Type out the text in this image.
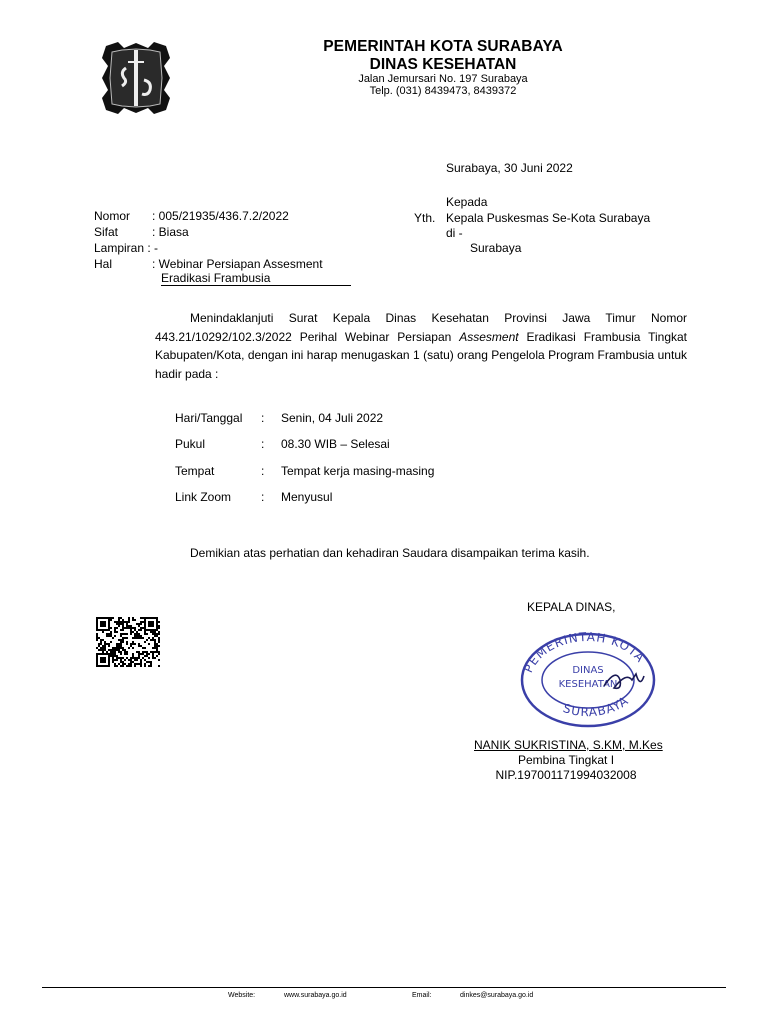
PEMERINTAH KOTA SURABAYA
DINAS KESEHATAN
Jalan Jemursari No. 197 Surabaya
Telp. (031) 8439473, 8439372
Surabaya, 30 Juni 2022
Kepada
Yth. Kepala Puskesmas Se-Kota Surabaya
di -
Surabaya
Nomor : 005/21935/436.7.2/2022
Sifat	: Biasa
Lampiran : -
Hal	: Webinar Persiapan Assesment
Eradikasi Frambusia
Menindaklanjuti Surat Kepala Dinas Kesehatan Provinsi Jawa Timur Nomor 443.21/10292/102.3/2022 Perihal Webinar Persiapan Assesment Eradikasi Frambusia Tingkat Kabupaten/Kota, dengan ini harap menugaskan 1 (satu) orang Pengelola Program Frambusia untuk hadir pada :
Hari/Tanggal : Senin, 04 Juli 2022
Pukul	: 08.30 WIB – Selesai
Tempat	: Tempat kerja masing-masing
Link Zoom : Menyusul
Demikian atas perhatian dan kehadiran Saudara disampaikan terima kasih.
KEPALA DINAS,
PEMERINTAH KOTA
SURABAYA
DINAS
KESEHATAN
NANIK SUKRISTINA, S.KM, M.Kes
Pembina Tingkat I
NIP.197001171994032008
Website:	www.surabaya.go.id	Email:	dinkes@surabaya.go.id
